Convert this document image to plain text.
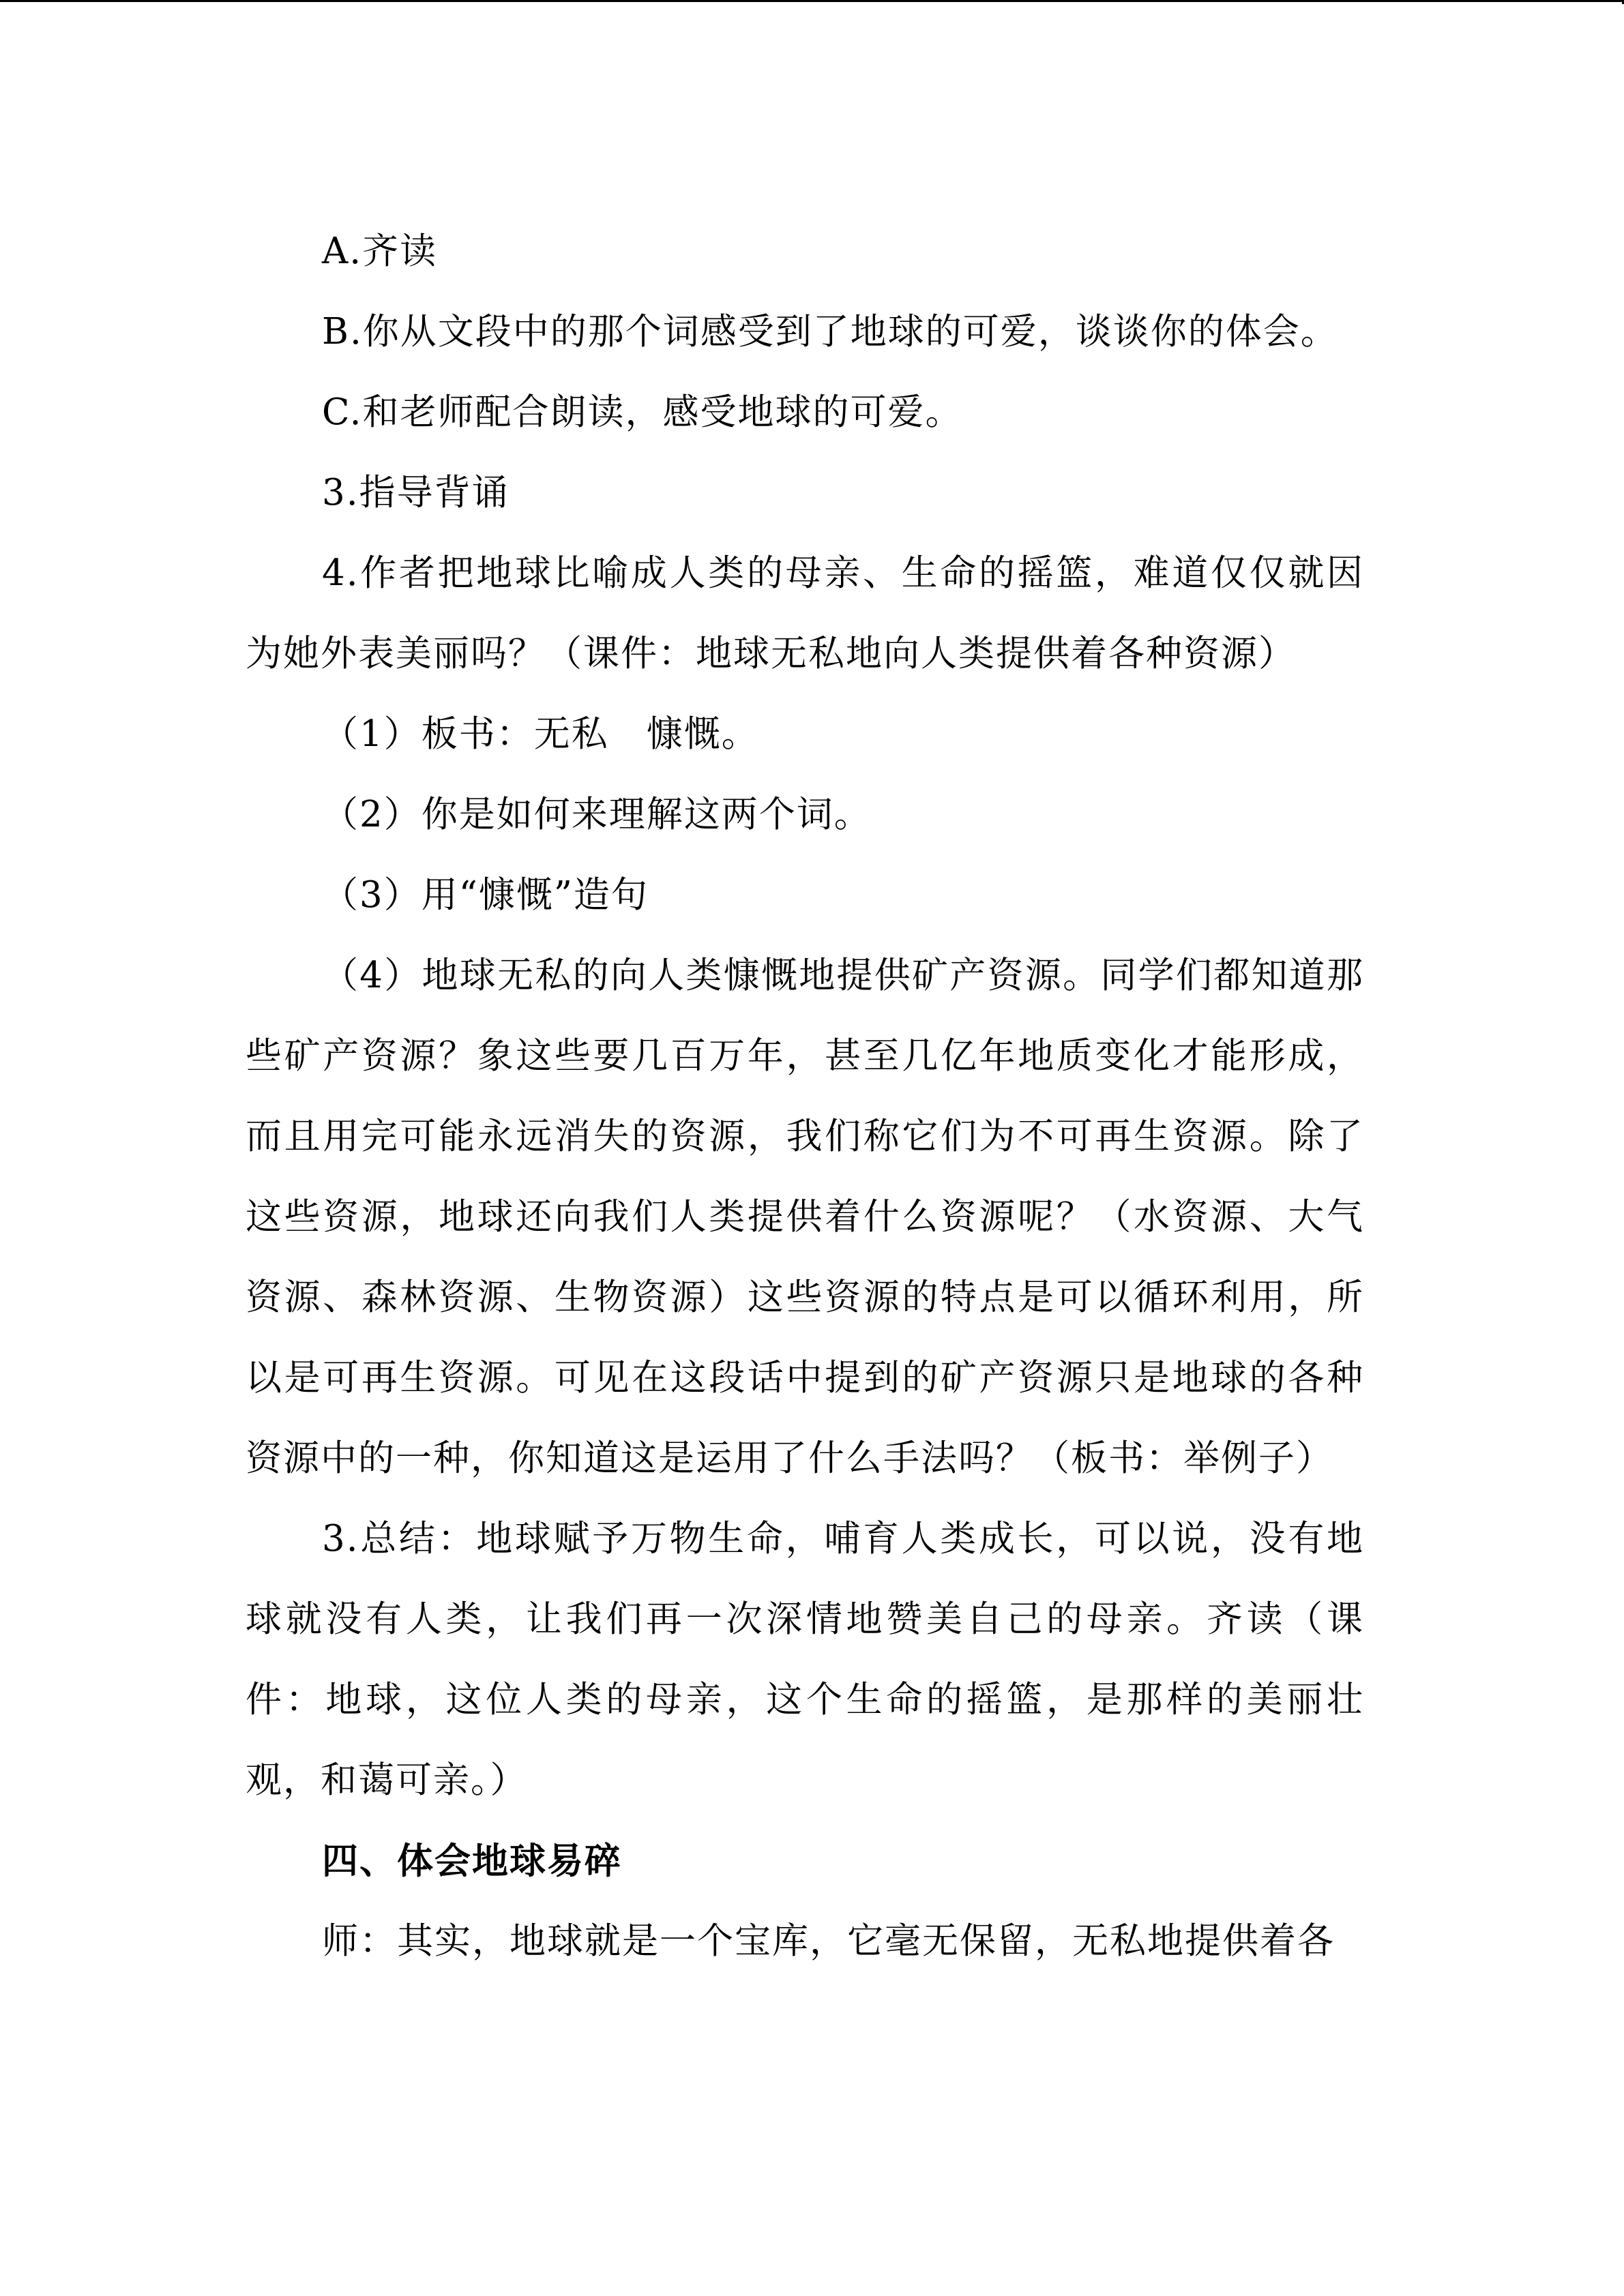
A.齐读

B.你从文段中的那个词感受到了地球的可爱，谈谈你的体会。

C.和老师配合朗读，感受地球的可爱。

3.指导背诵

4.作者把地球比喻成人类的母亲、生命的摇篮，难道仅仅就因为她外表美丽吗？（课件：地球无私地向人类提供着各种资源）

（1）板书：无私　慷慨。

（2）你是如何来理解这两个词。

（3）用“慷慨”造句

（4）地球无私的向人类慷慨地提供矿产资源。同学们都知道那些矿产资源？象这些要几百万年，甚至几亿年地质变化才能形成，而且用完可能永远消失的资源，我们称它们为不可再生资源。除了这些资源，地球还向我们人类提供着什么资源呢？（水资源、大气资源、森林资源、生物资源）这些资源的特点是可以循环利用，所以是可再生资源。可见在这段话中提到的矿产资源只是地球的各种资源中的一种，你知道这是运用了什么手法吗？（板书：举例子）

3.总结：地球赋予万物生命，哺育人类成长，可以说，没有地球就没有人类，让我们再一次深情地赞美自己的母亲。齐读（课件：地球，这位人类的母亲，这个生命的摇篮，是那样的美丽壮观，和蔼可亲。）

四、体会地球易碎

师：其实，地球就是一个宝库，它毫无保留，无私地提供着各
